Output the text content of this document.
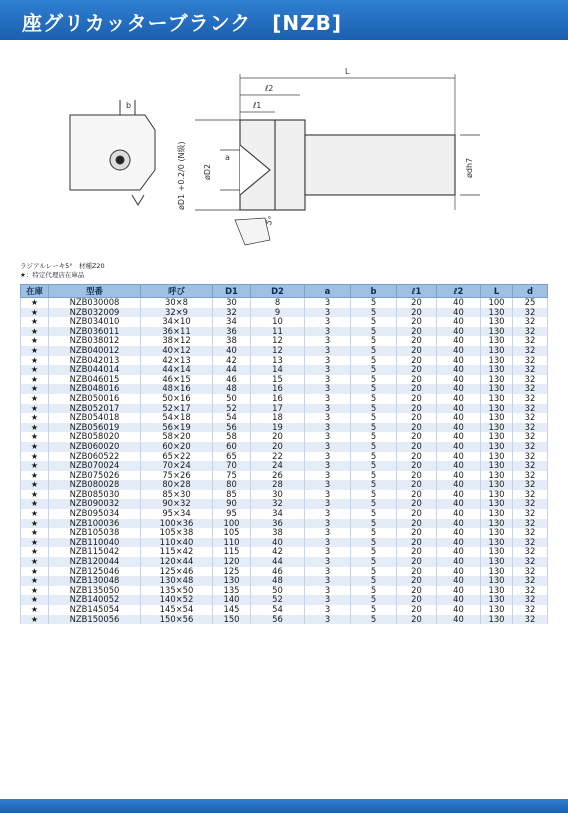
座グリカッターブランク　[NZB]
b
L
ℓ2
ℓ1
øD1 +0.2/0 (N級) øD2
a
ødh7
5°
ラジアルレーキ5°　材種Z20
★：特定代理店在庫品
在庫	型番	呼び	D1	D2	a	b	ℓ1	ℓ2	L	d
★	NZB030008	30×8	30	8	3	5	20	40	100	25
★	NZB032009	32×9	32	9	3	5	20	40	130	32
★	NZB034010	34×10	34	10	3	5	20	40	130	32
★	NZB036011	36×11	36	11	3	5	20	40	130	32
★	NZB038012	38×12	38	12	3	5	20	40	130	32
★	NZB040012	40×12	40	12	3	5	20	40	130	32
★	NZB042013	42×13	42	13	3	5	20	40	130	32
★	NZB044014	44×14	44	14	3	5	20	40	130	32
★	NZB046015	46×15	46	15	3	5	20	40	130	32
★	NZB048016	48×16	48	16	3	5	20	40	130	32
★	NZB050016	50×16	50	16	3	5	20	40	130	32
★	NZB052017	52×17	52	17	3	5	20	40	130	32
★	NZB054018	54×18	54	18	3	5	20	40	130	32
★	NZB056019	56×19	56	19	3	5	20	40	130	32
★	NZB058020	58×20	58	20	3	5	20	40	130	32
★	NZB060020	60×20	60	20	3	5	20	40	130	32
★	NZB060522	65×22	65	22	3	5	20	40	130	32
★	NZB070024	70×24	70	24	3	5	20	40	130	32
★	NZB075026	75×26	75	26	3	5	20	40	130	32
★	NZB080028	80×28	80	28	3	5	20	40	130	32
★	NZB085030	85×30	85	30	3	5	20	40	130	32
★	NZB090032	90×32	90	32	3	5	20	40	130	32
★	NZB095034	95×34	95	34	3	5	20	40	130	32
★	NZB100036	100×36	100	36	3	5	20	40	130	32
★	NZB105038	105×38	105	38	3	5	20	40	130	32
★	NZB110040	110×40	110	40	3	5	20	40	130	32
★	NZB115042	115×42	115	42	3	5	20	40	130	32
★	NZB120044	120×44	120	44	3	5	20	40	130	32
★	NZB125046	125×46	125	46	3	5	20	40	130	32
★	NZB130048	130×48	130	48	3	5	20	40	130	32
★	NZB135050	135×50	135	50	3	5	20	40	130	32
★	NZB140052	140×52	140	52	3	5	20	40	130	32
★	NZB145054	145×54	145	54	3	5	20	40	130	32
★	NZB150056	150×56	150	56	3	5	20	40	130	32
